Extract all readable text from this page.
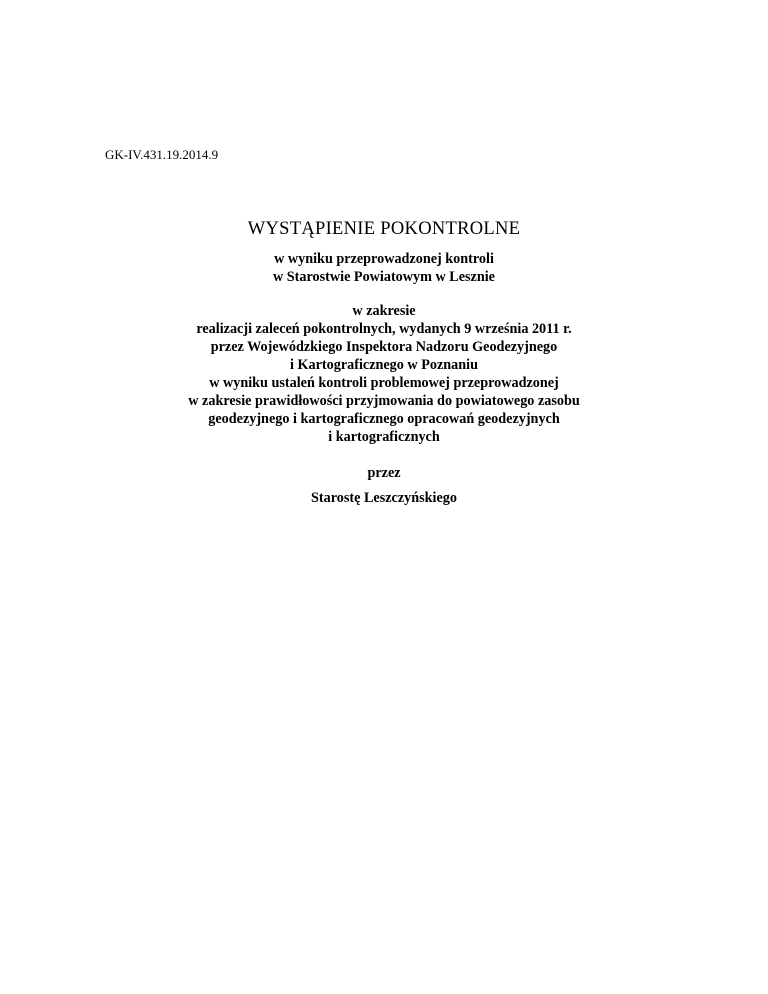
GK-IV.431.19.2014.9
WYSTĄPIENIE POKONTROLNE
w wyniku przeprowadzonej kontroli
w Starostwie Powiatowym w Lesznie
w zakresie
realizacji zaleceń pokontrolnych, wydanych 9 września 2011 r.
przez Wojewódzkiego Inspektora Nadzoru Geodezyjnego
i Kartograficznego w Poznaniu
w wyniku ustaleń kontroli problemowej przeprowadzonej
w zakresie prawidłowości przyjmowania do powiatowego zasobu
geodezyjnego i kartograficznego opracowań geodezyjnych
i kartograficznych
przez
Starostę Leszczyńskiego
